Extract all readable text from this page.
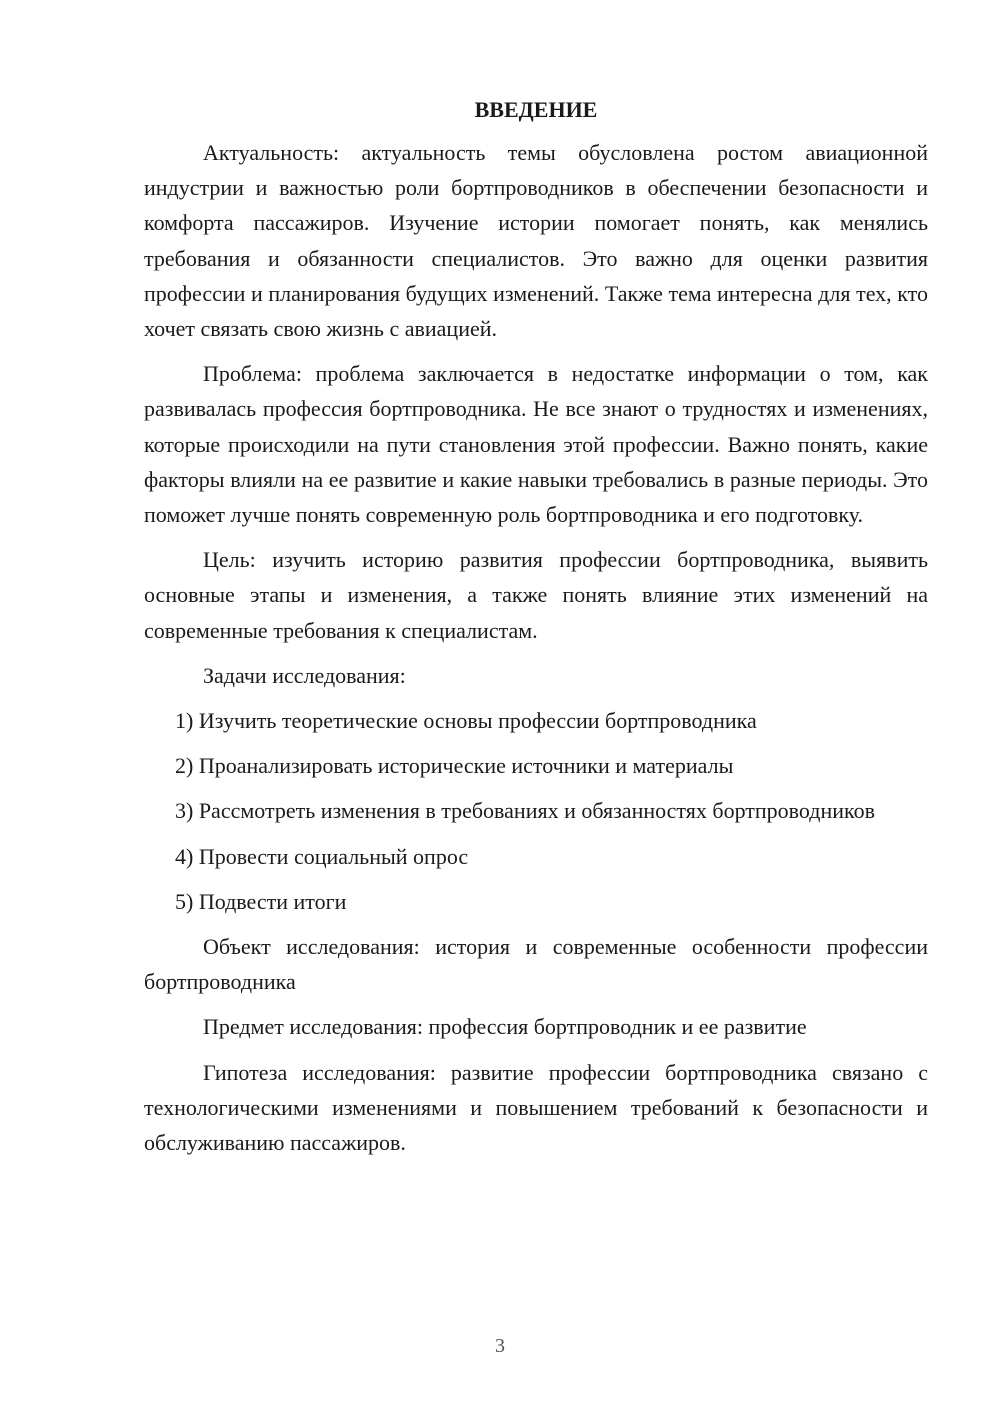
ВВЕДЕНИЕ

Актуальность: актуальность темы обусловлена ростом авиационной индустрии и важностью роли бортпроводников в обеспечении безопасности и комфорта пассажиров. Изучение истории помогает понять, как менялись требования и обязанности специалистов. Это важно для оценки развития профессии и планирования будущих изменений. Также тема интересна для тех, кто хочет связать свою жизнь с авиацией.

Проблема: проблема заключается в недостатке информации о том, как развивалась профессия бортпроводника. Не все знают о трудностях и изменениях, которые происходили на пути становления этой профессии. Важно понять, какие факторы влияли на ее развитие и какие навыки требовались в разные периоды. Это поможет лучше понять современную роль бортпроводника и его подготовку.

Цель: изучить историю развития профессии бортпроводника, выявить основные этапы и изменения, а также понять влияние этих изменений на современные требования к специалистам.

Задачи исследования:

1) Изучить теоретические основы профессии бортпроводника

2) Проанализировать исторические источники и материалы

3) Рассмотреть изменения в требованиях и обязанностях бортпроводников

4) Провести социальный опрос

5) Подвести итоги

Объект исследования: история и современные особенности профессии бортпроводника

Предмет исследования: профессия бортпроводник и ее развитие

Гипотеза исследования: развитие профессии бортпроводника связано с технологическими изменениями и повышением требований к безопасности и обслуживанию пассажиров.

3
